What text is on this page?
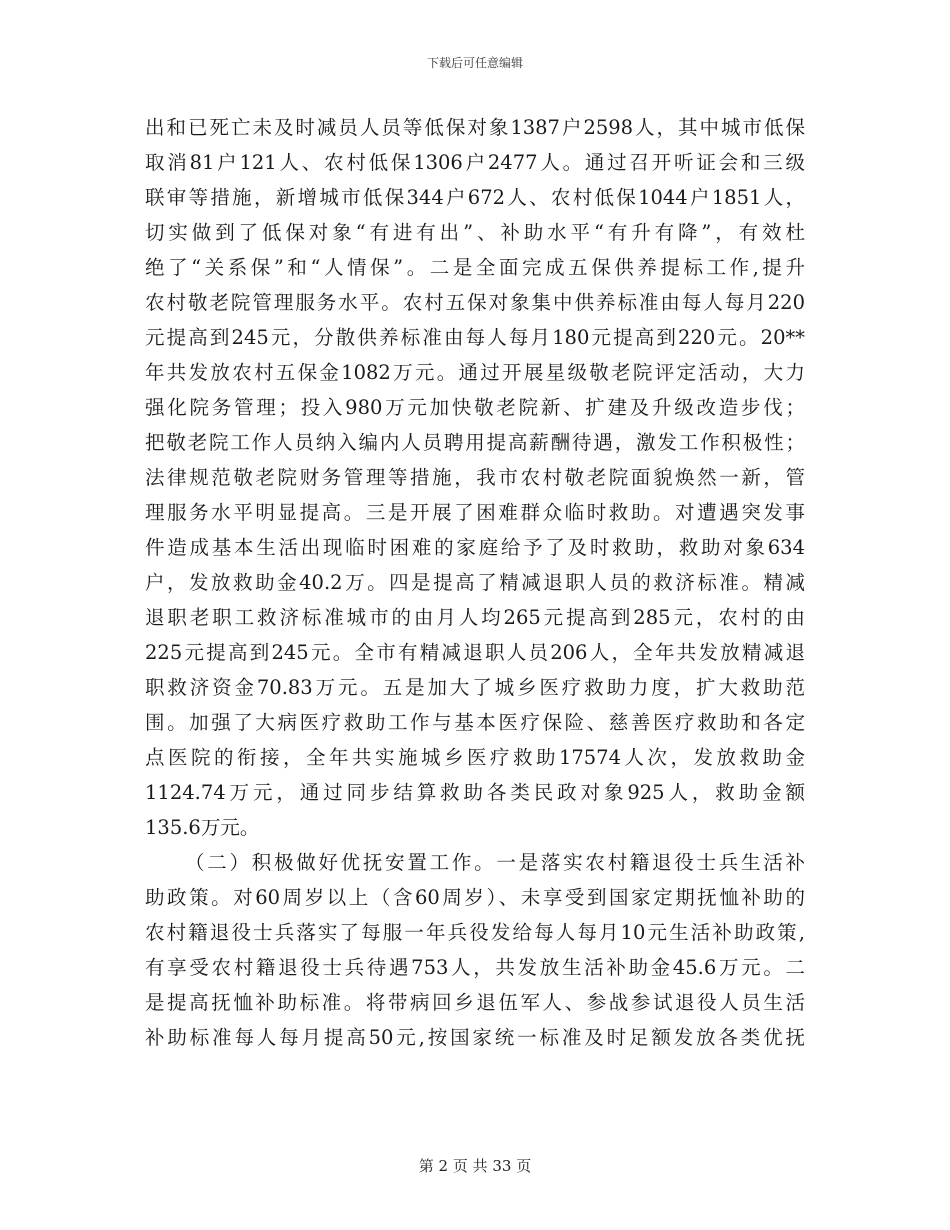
下载后可任意编辑
出和已死亡未及时减员人员等低保对象1387户2598人，其中城市低保
取消81户121人、农村低保1306户2477人。通过召开听证会和三级
联审等措施，新增城市低保344户672人、农村低保1044户1851人，
切实做到了低保对象“有进有出”、补助水平“有升有降”，有效杜
绝了“关系保”和“人情保”。二是全面完成五保供养提标工作,提升
农村敬老院管理服务水平。农村五保对象集中供养标准由每人每月220
元提高到245元，分散供养标准由每人每月180元提高到220元。20**
年共发放农村五保金1082万元。通过开展星级敬老院评定活动，大力
强化院务管理；投入980万元加快敬老院新、扩建及升级改造步伐；
把敬老院工作人员纳入编内人员聘用提高薪酬待遇，激发工作积极性；
法律规范敬老院财务管理等措施，我市农村敬老院面貌焕然一新，管
理服务水平明显提高。三是开展了困难群众临时救助。对遭遇突发事
件造成基本生活出现临时困难的家庭给予了及时救助，救助对象634
户，发放救助金40.2万。四是提高了精减退职人员的救济标准。精减
退职老职工救济标准城市的由月人均265元提高到285元，农村的由
225元提高到245元。全市有精减退职人员206人，全年共发放精减退
职救济资金70.83万元。五是加大了城乡医疗救助力度，扩大救助范
围。加强了大病医疗救助工作与基本医疗保险、慈善医疗救助和各定
点医院的衔接，全年共实施城乡医疗救助17574人次，发放救助金
1124.74万元，通过同步结算救助各类民政对象925人，救助金额
135.6万元。
（二）积极做好优抚安置工作。一是落实农村籍退役士兵生活补
助政策。对60周岁以上（含60周岁）、未享受到国家定期抚恤补助的
农村籍退役士兵落实了每服一年兵役发给每人每月10元生活补助政策,
有享受农村籍退役士兵待遇753人，共发放生活补助金45.6万元。二
是提高抚恤补助标准。将带病回乡退伍军人、参战参试退役人员生活
补助标准每人每月提高50元,按国家统一标准及时足额发放各类优抚
第 2 页 共 33 页
